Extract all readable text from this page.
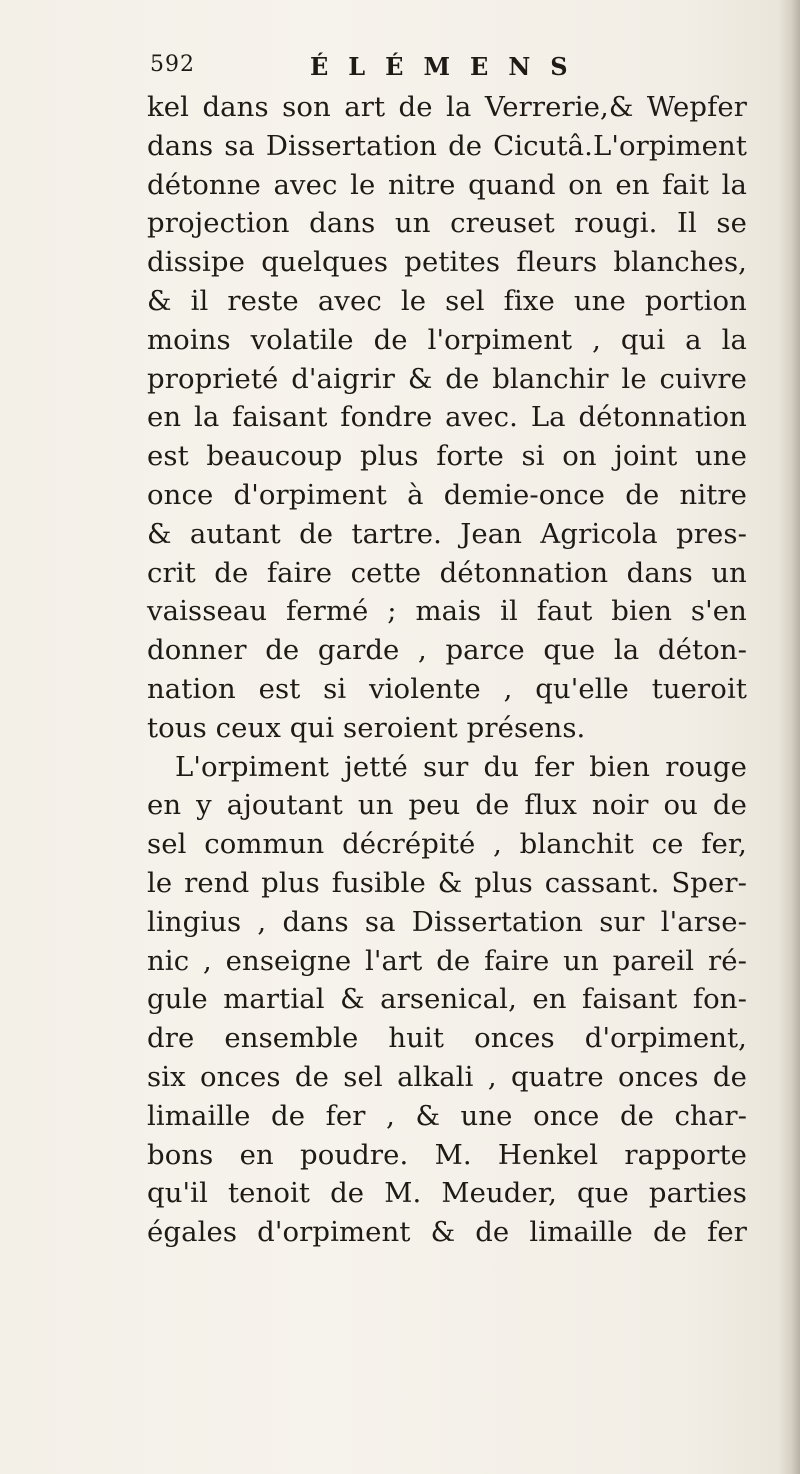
592	ÉLÉMENS
kel dans son art de la Verrerie,& Wepfer
dans sa Dissertation de Cicutâ.L'orpiment
détonne avec le nitre quand on en fait la
projection dans un creuset rougi. Il se
dissipe quelques petites fleurs blanches,
& il reste avec le sel fixe une portion
moins volatile de l'orpiment , qui a la
proprieté d'aigrir & de blanchir le cuivre
en la faisant fondre avec. La détonnation
est beaucoup plus forte si on joint une
once d'orpiment à demie-once de nitre
& autant de tartre. Jean Agricola pres-
crit de faire cette détonnation dans un
vaisseau fermé ; mais il faut bien s'en
donner de garde , parce que la déton-
nation est si violente , qu'elle tueroit
tous ceux qui seroient présens.
L'orpiment jetté sur du fer bien rouge
en y ajoutant un peu de flux noir ou de
sel commun décrépité , blanchit ce fer,
le rend plus fusible & plus cassant. Sper-
lingius , dans sa Dissertation sur l'arse-
nic , enseigne l'art de faire un pareil ré-
gule martial & arsenical, en faisant fon-
dre ensemble huit onces d'orpiment,
six onces de sel alkali , quatre onces de
limaille de fer , & une once de char-
bons en poudre. M. Henkel rapporte
qu'il tenoit de M. Meuder, que parties
égales d'orpiment & de limaille de fer
